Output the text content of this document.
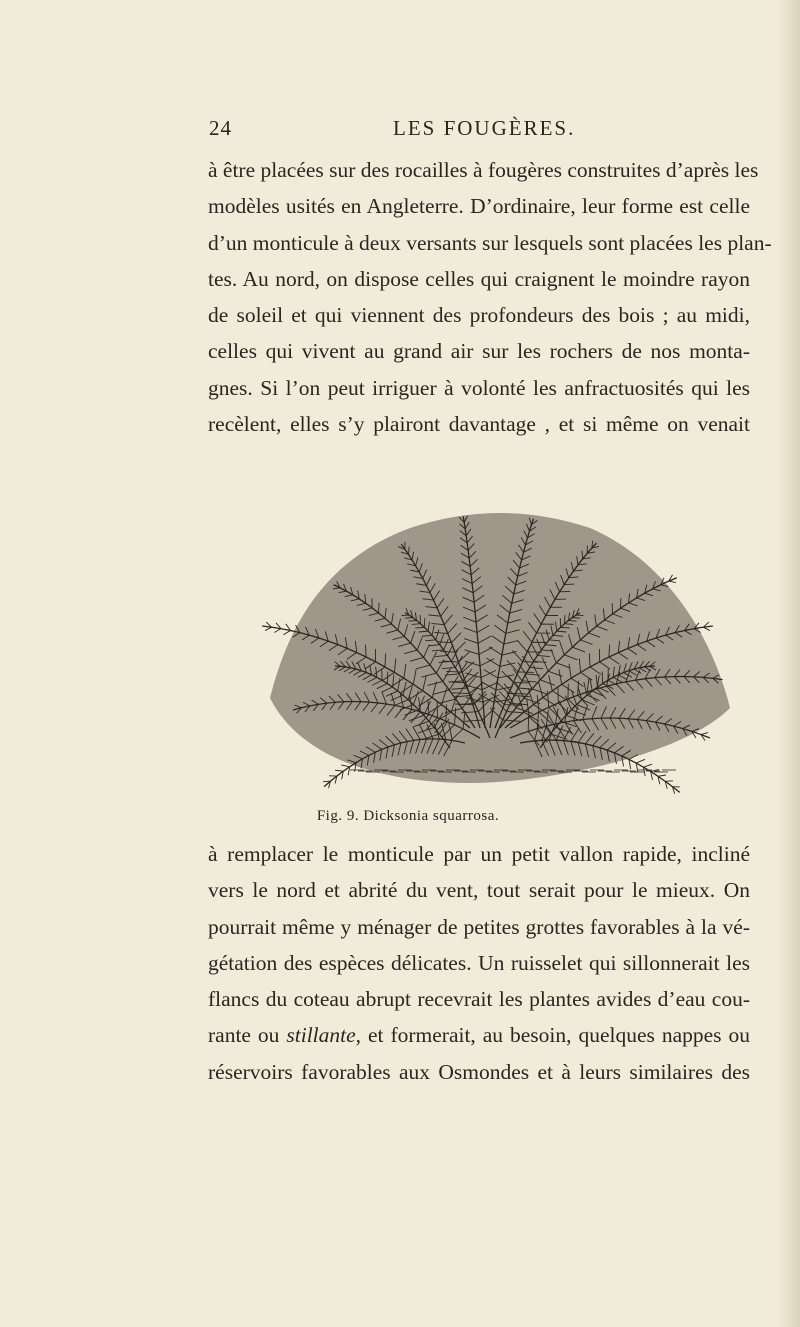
24	LES FOUGÈRES.
à être placées sur des rocailles à fougères construites d’après les
modèles usités en Angleterre. D’ordinaire, leur forme est celle
d’un monticule à deux versants sur lesquels sont placées les plan-
tes. Au nord, on dispose celles qui craignent le moindre rayon
de soleil et qui viennent des profondeurs des bois ; au midi,
celles qui vivent au grand air sur les rochers de nos monta-
gnes. Si l’on peut irriguer à volonté les anfractuosités qui les
recèlent, elles s’y plairont davantage , et si même on venait
Fig. 9. Dicksonia squarrosa.
à remplacer le monticule par un petit vallon rapide, incliné
vers le nord et abrité du vent, tout serait pour le mieux. On
pourrait même y ménager de petites grottes favorables à la vé-
gétation des espèces délicates. Un ruisselet qui sillonnerait les
flancs du coteau abrupt recevrait les plantes avides d’eau cou-
rante ou stillante, et formerait, au besoin, quelques nappes ou
réservoirs favorables aux Osmondes et à leurs similaires des
